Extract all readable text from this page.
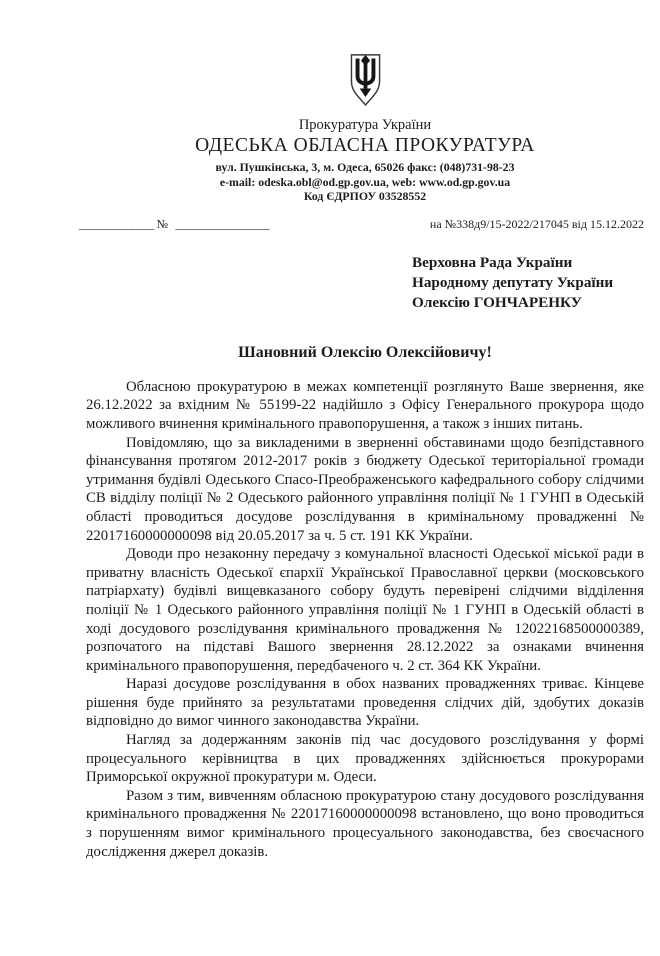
Прокуратура України
ОДЕСЬКА ОБЛАСНА ПРОКУРАТУРА
вул. Пушкінська, 3, м. Одеса, 65026 факс: (048)731-98-23
e-mail: odeska.obl@od.gp.gov.ua, web: www.od.gp.gov.ua
Код ЄДРПОУ 03528552
____________ № _______________	на №338д9/15-2022/217045 від 15.12.2022
Верховна Рада України
Народному депутату України
Олексію ГОНЧАРЕНКУ
Шановний Олексію Олексійовичу!

Обласною прокуратурою в межах компетенції розглянуто Ваше звернення, яке 26.12.2022 за вхідним № 55199-22 надійшло з Офісу Генерального прокурора щодо можливого вчинення кримінального правопорушення, а також з інших питань.

Повідомляю, що за викладеними в зверненні обставинами щодо безпідставного фінансування протягом 2012-2017 років з бюджету Одеської територіальної громади утримання будівлі Одеського Спасо-Преображенського кафедрального собору слідчими СВ відділу поліції № 2 Одеського районного управління поліції № 1 ГУНП в Одеській області проводиться досудове розслідування в кримінальному провадженні № 22017160000000098 від 20.05.2017 за ч. 5 ст. 191 КК України.

Доводи про незаконну передачу з комунальної власності Одеської міської ради в приватну власність Одеської єпархії Української Православної церкви (московського патріархату) будівлі вищевказаного собору будуть перевірені слідчими відділення поліції № 1 Одеського районного управління поліції № 1 ГУНП в Одеській області в ході досудового розслідування кримінального провадження № 12022168500000389, розпочатого на підставі Вашого звернення 28.12.2022 за ознаками вчинення кримінального правопорушення, передбаченого ч. 2 ст. 364 КК України.

Наразі досудове розслідування в обох названих провадженнях триває. Кінцеве рішення буде прийнято за результатами проведення слідчих дій, здобутих доказів відповідно до вимог чинного законодавства України.

Нагляд за додержанням законів під час досудового розслідування у формі процесуального керівництва в цих провадженнях здійснюється прокурорами Приморської окружної прокуратури м. Одеси.

Разом з тим, вивченням обласною прокуратурою стану досудового розслідування кримінального провадження № 22017160000000098 встановлено, що воно проводиться з порушенням вимог кримінального процесуального законодавства, без своєчасного дослідження джерел доказів.
